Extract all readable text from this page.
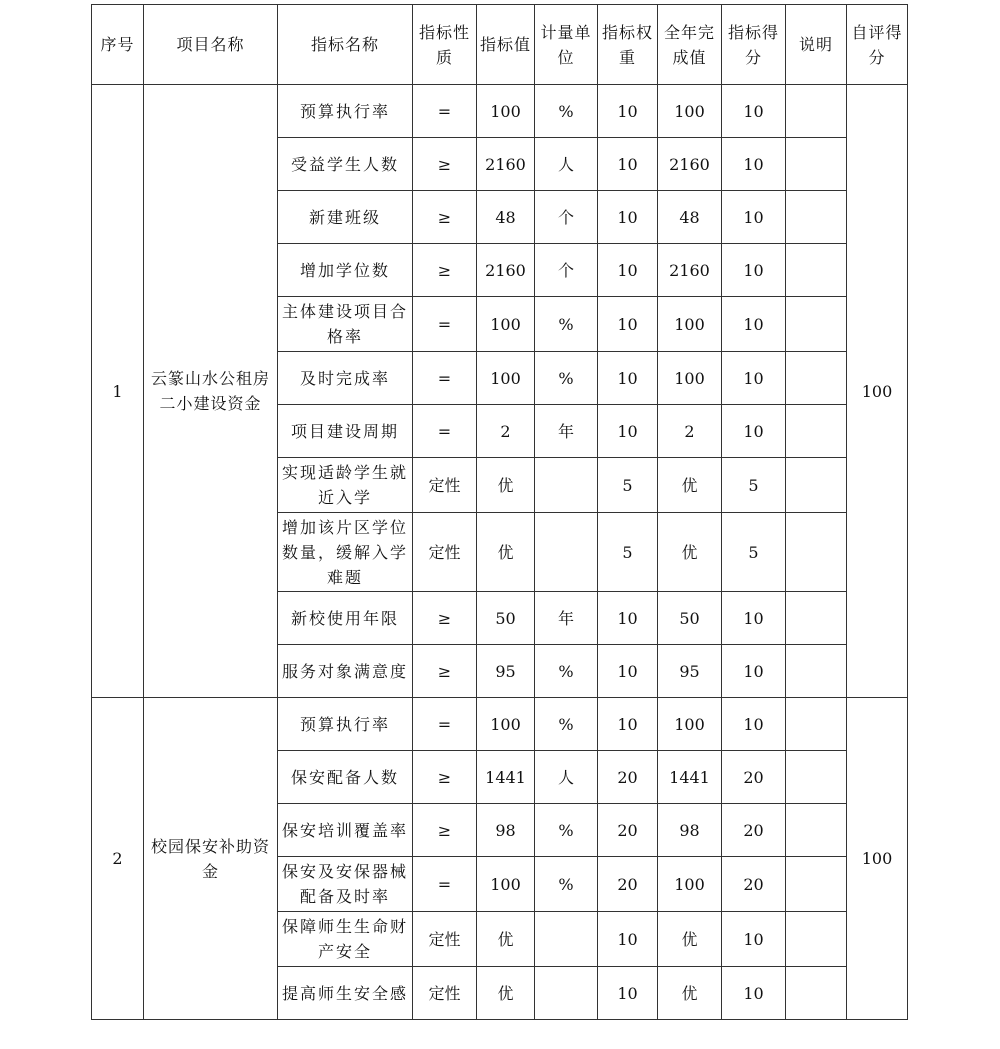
序号	项目名称	指标名称	指标性质	指标值	计量单位	指标权重	全年完成值	指标得分	说明	自评得分
1	云篆山水公租房二小建设资金	预算执行率	=	100	%	10	100	10		100
		受益学生人数	≥	2160	人	10	2160	10		
		新建班级	≥	48	个	10	48	10		
		增加学位数	≥	2160	个	10	2160	10		
		主体建设项目合格率	=	100	%	10	100	10		
		及时完成率	=	100	%	10	100	10		
		项目建设周期	=	2	年	10	2	10		
		实现适龄学生就近入学	定性	优		5	优	5		
		增加该片区学位数量，缓解入学难题	定性	优		5	优	5		
		新校使用年限	≥	50	年	10	50	10		
		服务对象满意度	≥	95	%	10	95	10		
2	校园保安补助资金	预算执行率	=	100	%	10	100	10		100
		保安配备人数	≥	1441	人	20	1441	20		
		保安培训覆盖率	≥	98	%	20	98	20		
		保安及安保器械配备及时率	=	100	%	20	100	20		
		保障师生生命财产安全	定性	优		10	优	10		
		提高师生安全感	定性	优		10	优	10		
